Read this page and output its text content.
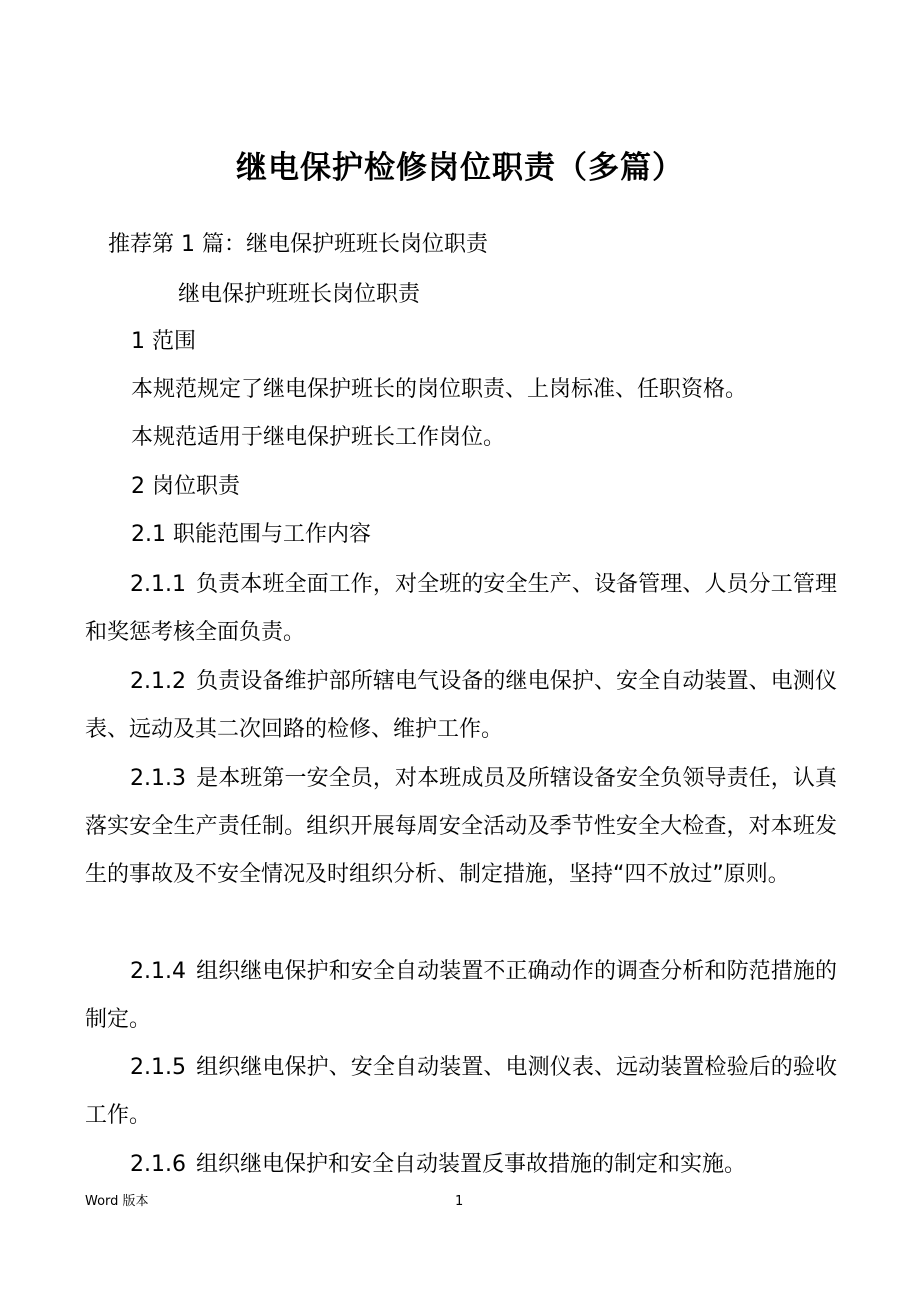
继电保护检修岗位职责（多篇）
推荐第 1 篇：继电保护班班长岗位职责
继电保护班班长岗位职责
1 范围
本规范规定了继电保护班长的岗位职责、上岗标准、任职资格。
本规范适用于继电保护班长工作岗位。
2 岗位职责
2.1 职能范围与工作内容
2.1.1 负责本班全面工作，对全班的安全生产、设备管理、人员分工管理和奖惩考核全面负责。
2.1.2 负责设备维护部所辖电气设备的继电保护、安全自动装置、电测仪表、远动及其二次回路的检修、维护工作。
2.1.3 是本班第一安全员，对本班成员及所辖设备安全负领导责任，认真落实安全生产责任制。组织开展每周安全活动及季节性安全大检查，对本班发生的事故及不安全情况及时组织分析、制定措施，坚持“四不放过”原则。
2.1.4 组织继电保护和安全自动装置不正确动作的调查分析和防范措施的制定。
2.1.5 组织继电保护、安全自动装置、电测仪表、远动装置检验后的验收工作。
2.1.6 组织继电保护和安全自动装置反事故措施的制定和实施。
Word 版本	1
